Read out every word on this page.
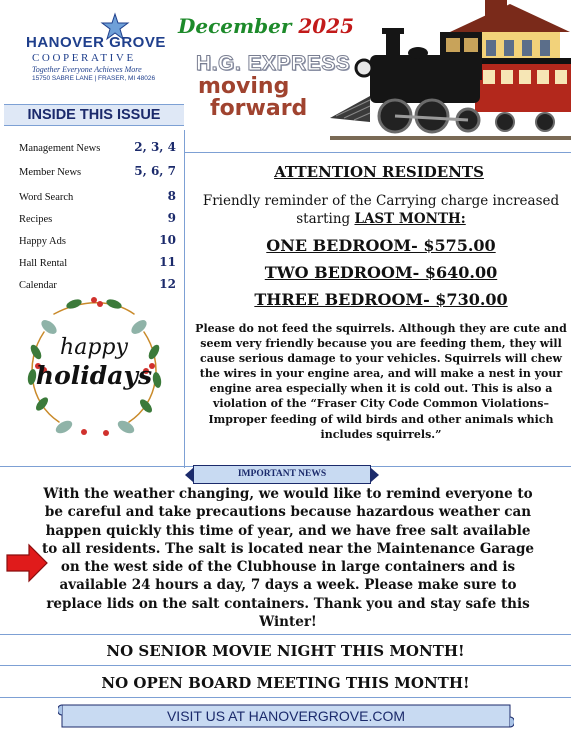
HANOVER GROVE
COOPERATIVE
Together Everyone Achieves More
15750 SABRE LANE | FRASER, MI 48026
December 2025
H.G. EXPRESS
moving
forward
INSIDE THIS ISSUE
Management News	2, 3, 4
Member News	5, 6, 7
Word Search	8
Recipes	9
Happy Ads	10
Hall Rental	11
Calendar	12
happy
holidays
ATTENTION RESIDENTS
Friendly reminder of the Carrying charge increased
starting LAST MONTH:
ONE BEDROOM- $575.00
TWO BEDROOM- $640.00
THREE BEDROOM- $730.00
Please do not feed the squirrels. Although they are cute and seem very friendly because you are feeding them, they will cause serious damage to your vehicles. Squirrels will chew the wires in your engine area, and will make a nest in your engine area especially when it is cold out. This is also a violation of the “Fraser City Code Common Violations– Improper feeding of wild birds and other animals which includes squirrels.”
IMPORTANT NEWS
With the weather changing, we would like to remind everyone to be careful and take precautions because hazardous weather can happen quickly this time of year, and we have free salt available to all residents. The salt is located near the Maintenance Garage on the west side of the Clubhouse in large containers and is available 24 hours a day, 7 days a week. Please make sure to replace lids on the salt containers. Thank you and stay safe this Winter!
NO SENIOR MOVIE NIGHT THIS MONTH!
NO OPEN BOARD MEETING THIS MONTH!
VISIT US AT HANOVERGROVE.COM
